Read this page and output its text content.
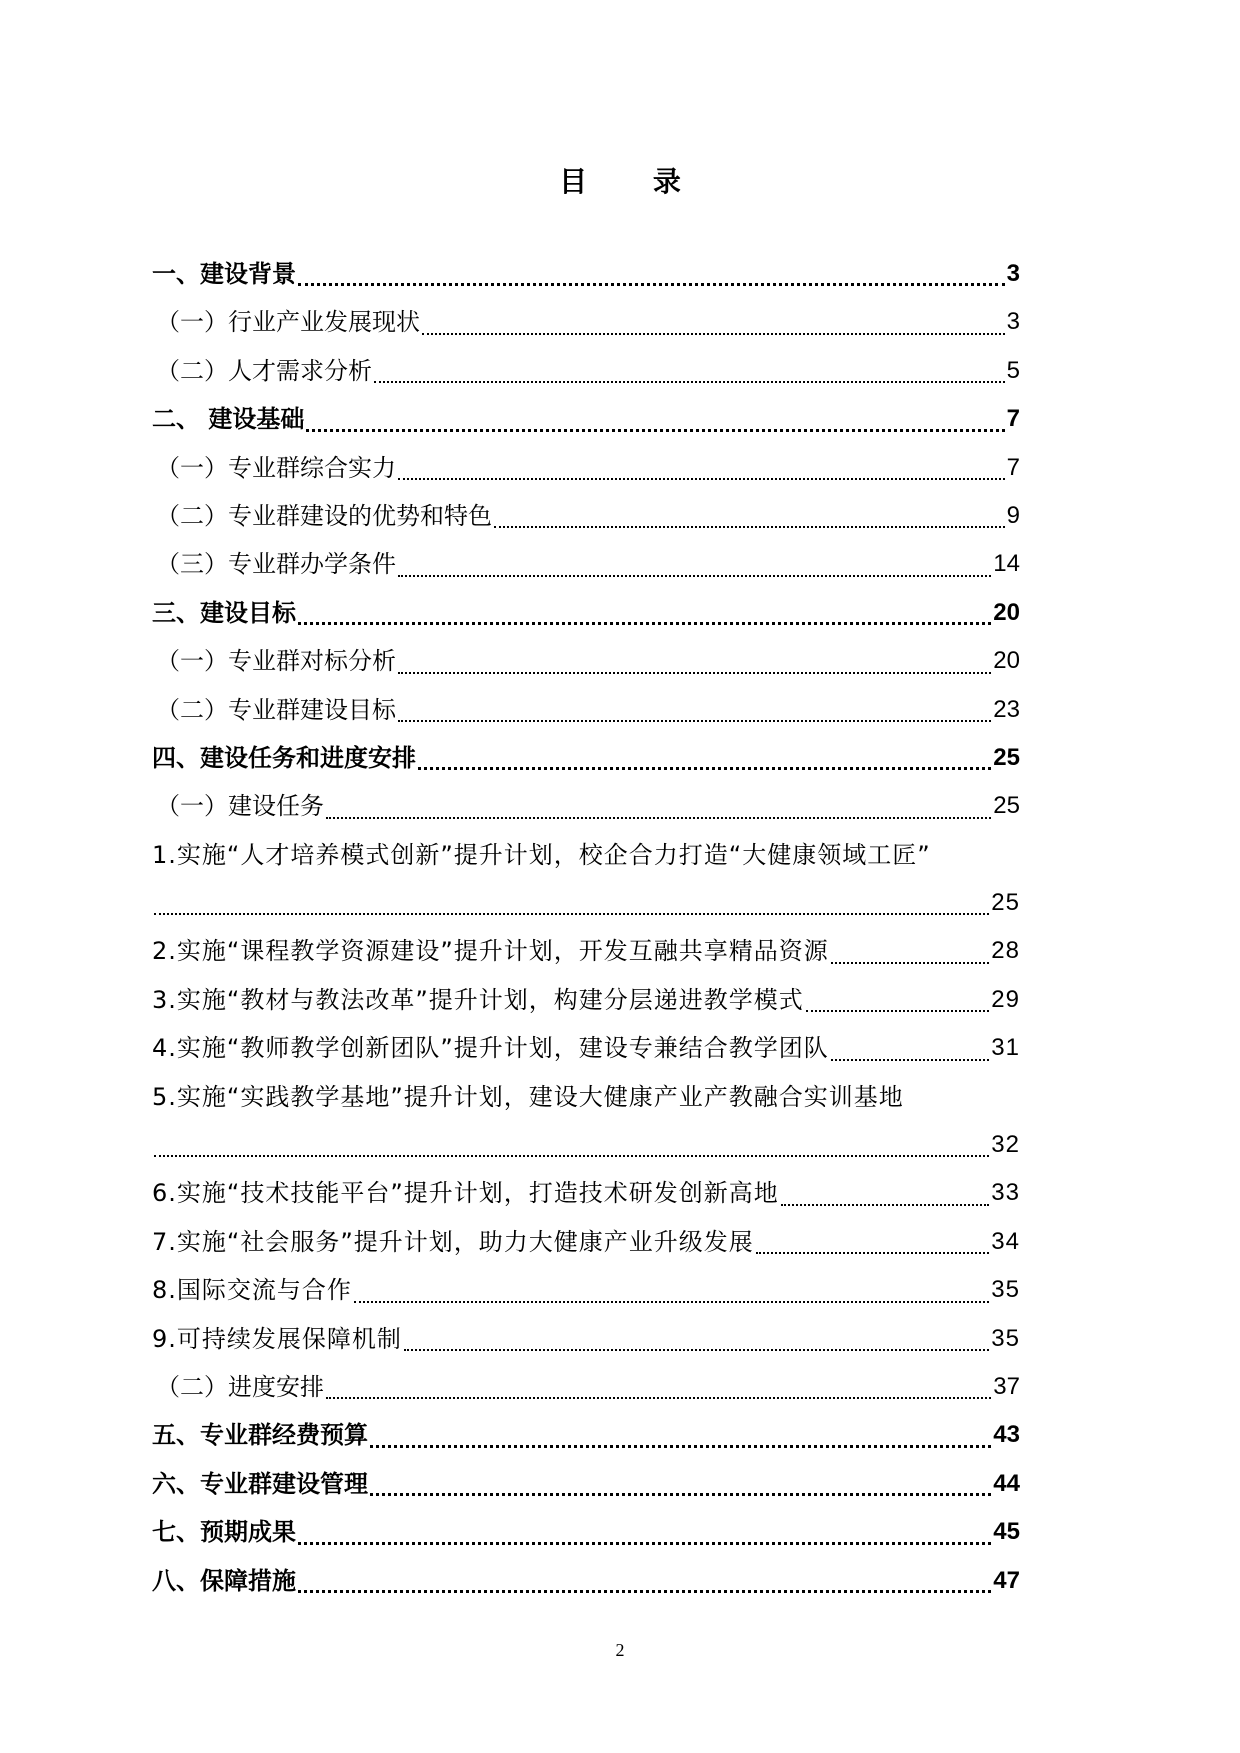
目 录
一、建设背景	3
（一）行业产业发展现状	3
（二）人才需求分析	5
二、 建设基础	7
（一）专业群综合实力	7
（二）专业群建设的优势和特色	9
（三）专业群办学条件	14
三、建设目标	20
（一）专业群对标分析	20
（二）专业群建设目标	23
四、建设任务和进度安排	25
（一）建设任务	25
1.实施“人才培养模式创新”提升计划，校企合力打造“大健康领域工匠”
25
2.实施“课程教学资源建设”提升计划，开发互融共享精品资源	28
3.实施“教材与教法改革”提升计划，构建分层递进教学模式	29
4.实施“教师教学创新团队”提升计划，建设专兼结合教学团队	31
5.实施“实践教学基地”提升计划，建设大健康产业产教融合实训基地
32
6.实施“技术技能平台”提升计划，打造技术研发创新高地	33
7.实施“社会服务”提升计划，助力大健康产业升级发展	34
8.国际交流与合作	35
9.可持续发展保障机制	35
（二）进度安排	37
五、专业群经费预算	43
六、专业群建设管理	44
七、预期成果	45
八、保障措施	47
2
